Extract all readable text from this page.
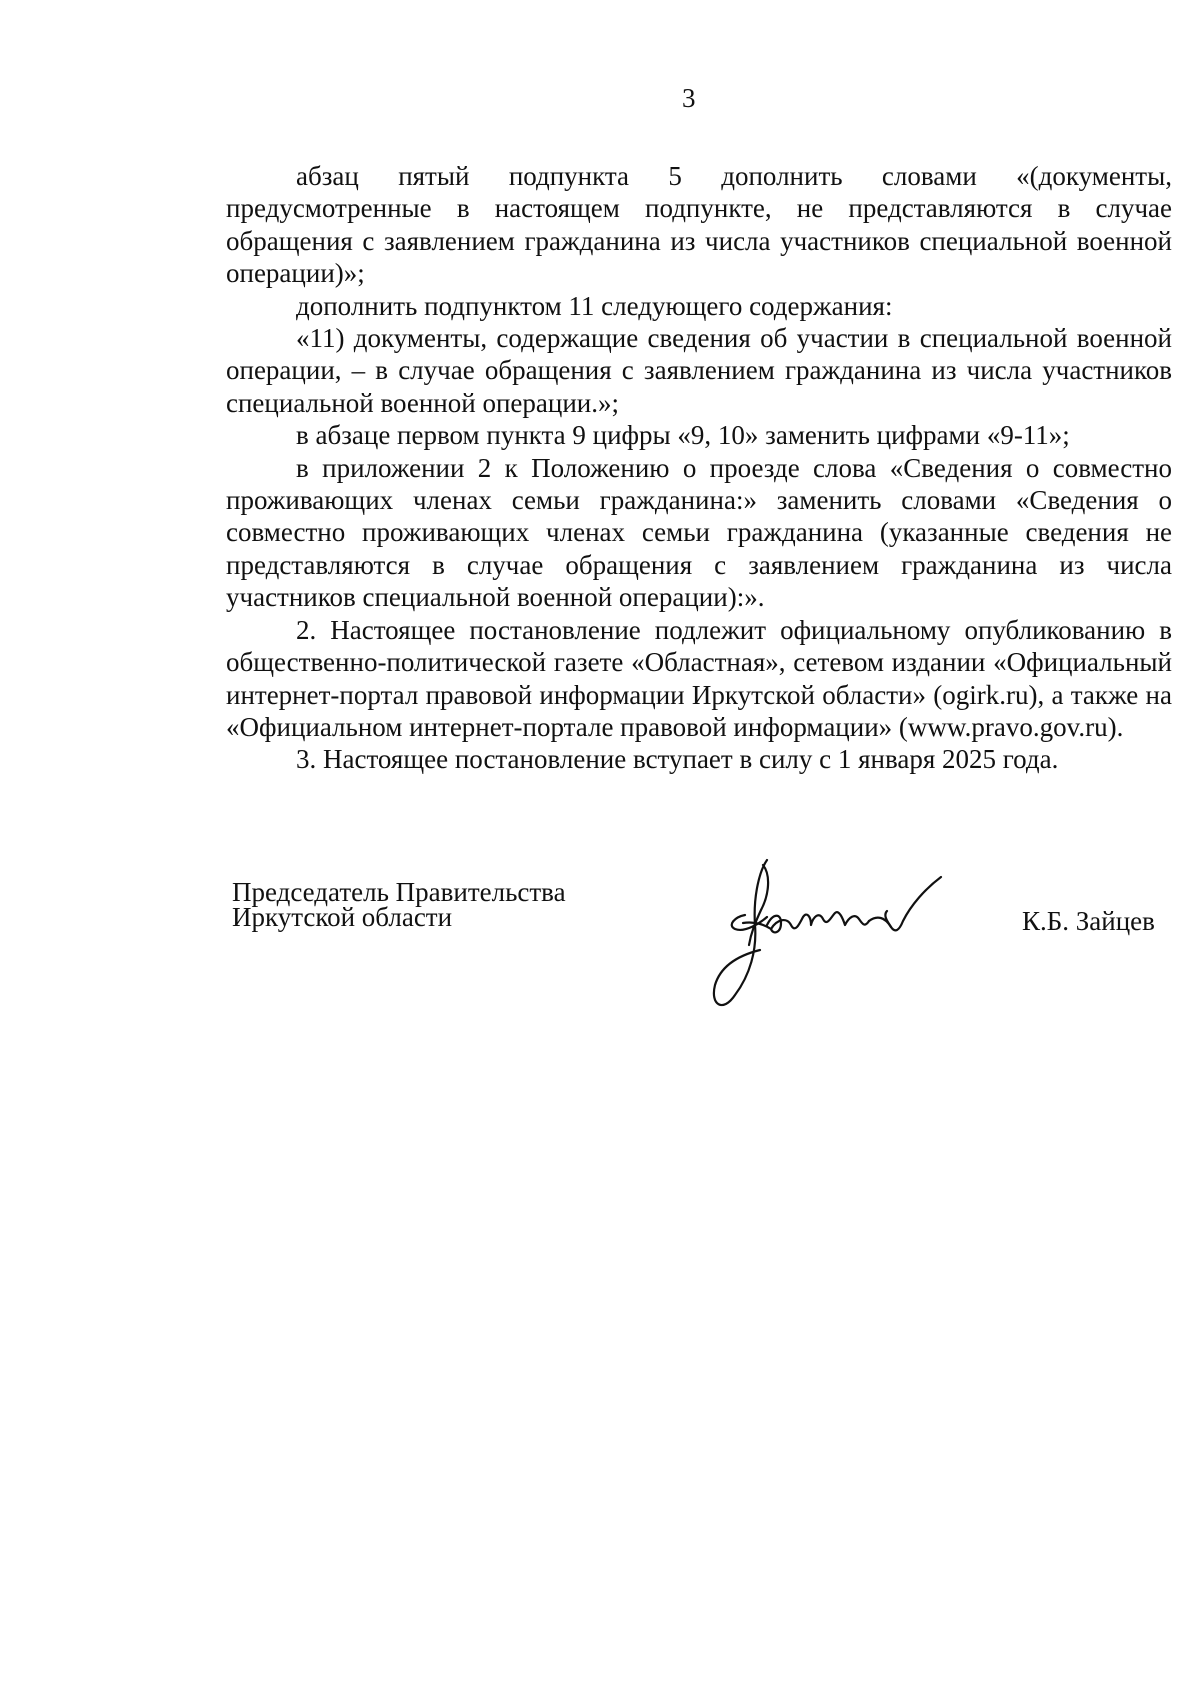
3

абзац пятый подпункта 5 дополнить словами «(документы, предусмотренные в настоящем подпункте, не представляются в случае обращения с заявлением гражданина из числа участников специальной военной операции)»;

дополнить подпунктом 11 следующего содержания:

«11) документы, содержащие сведения об участии в специальной военной операции, – в случае обращения с заявлением гражданина из числа участников специальной военной операции.»;

в абзаце первом пункта 9 цифры «9, 10» заменить цифрами «9-11»;

в приложении 2 к Положению о проезде слова «Сведения о совместно проживающих членах семьи гражданина:» заменить словами «Сведения о совместно проживающих членах семьи гражданина (указанные сведения не представляются в случае обращения с заявлением гражданина из числа участников специальной военной операции):».

2. Настоящее постановление подлежит официальному опубликованию в общественно-политической газете «Областная», сетевом издании «Официальный интернет-портал правовой информации Иркутской области» (ogirk.ru), а также на «Официальном интернет-портале правовой информации» (www.pravo.gov.ru).

3. Настоящее постановление вступает в силу с 1 января 2025 года.

Председатель Правительства
Иркутской области	К.Б. Зайцев
